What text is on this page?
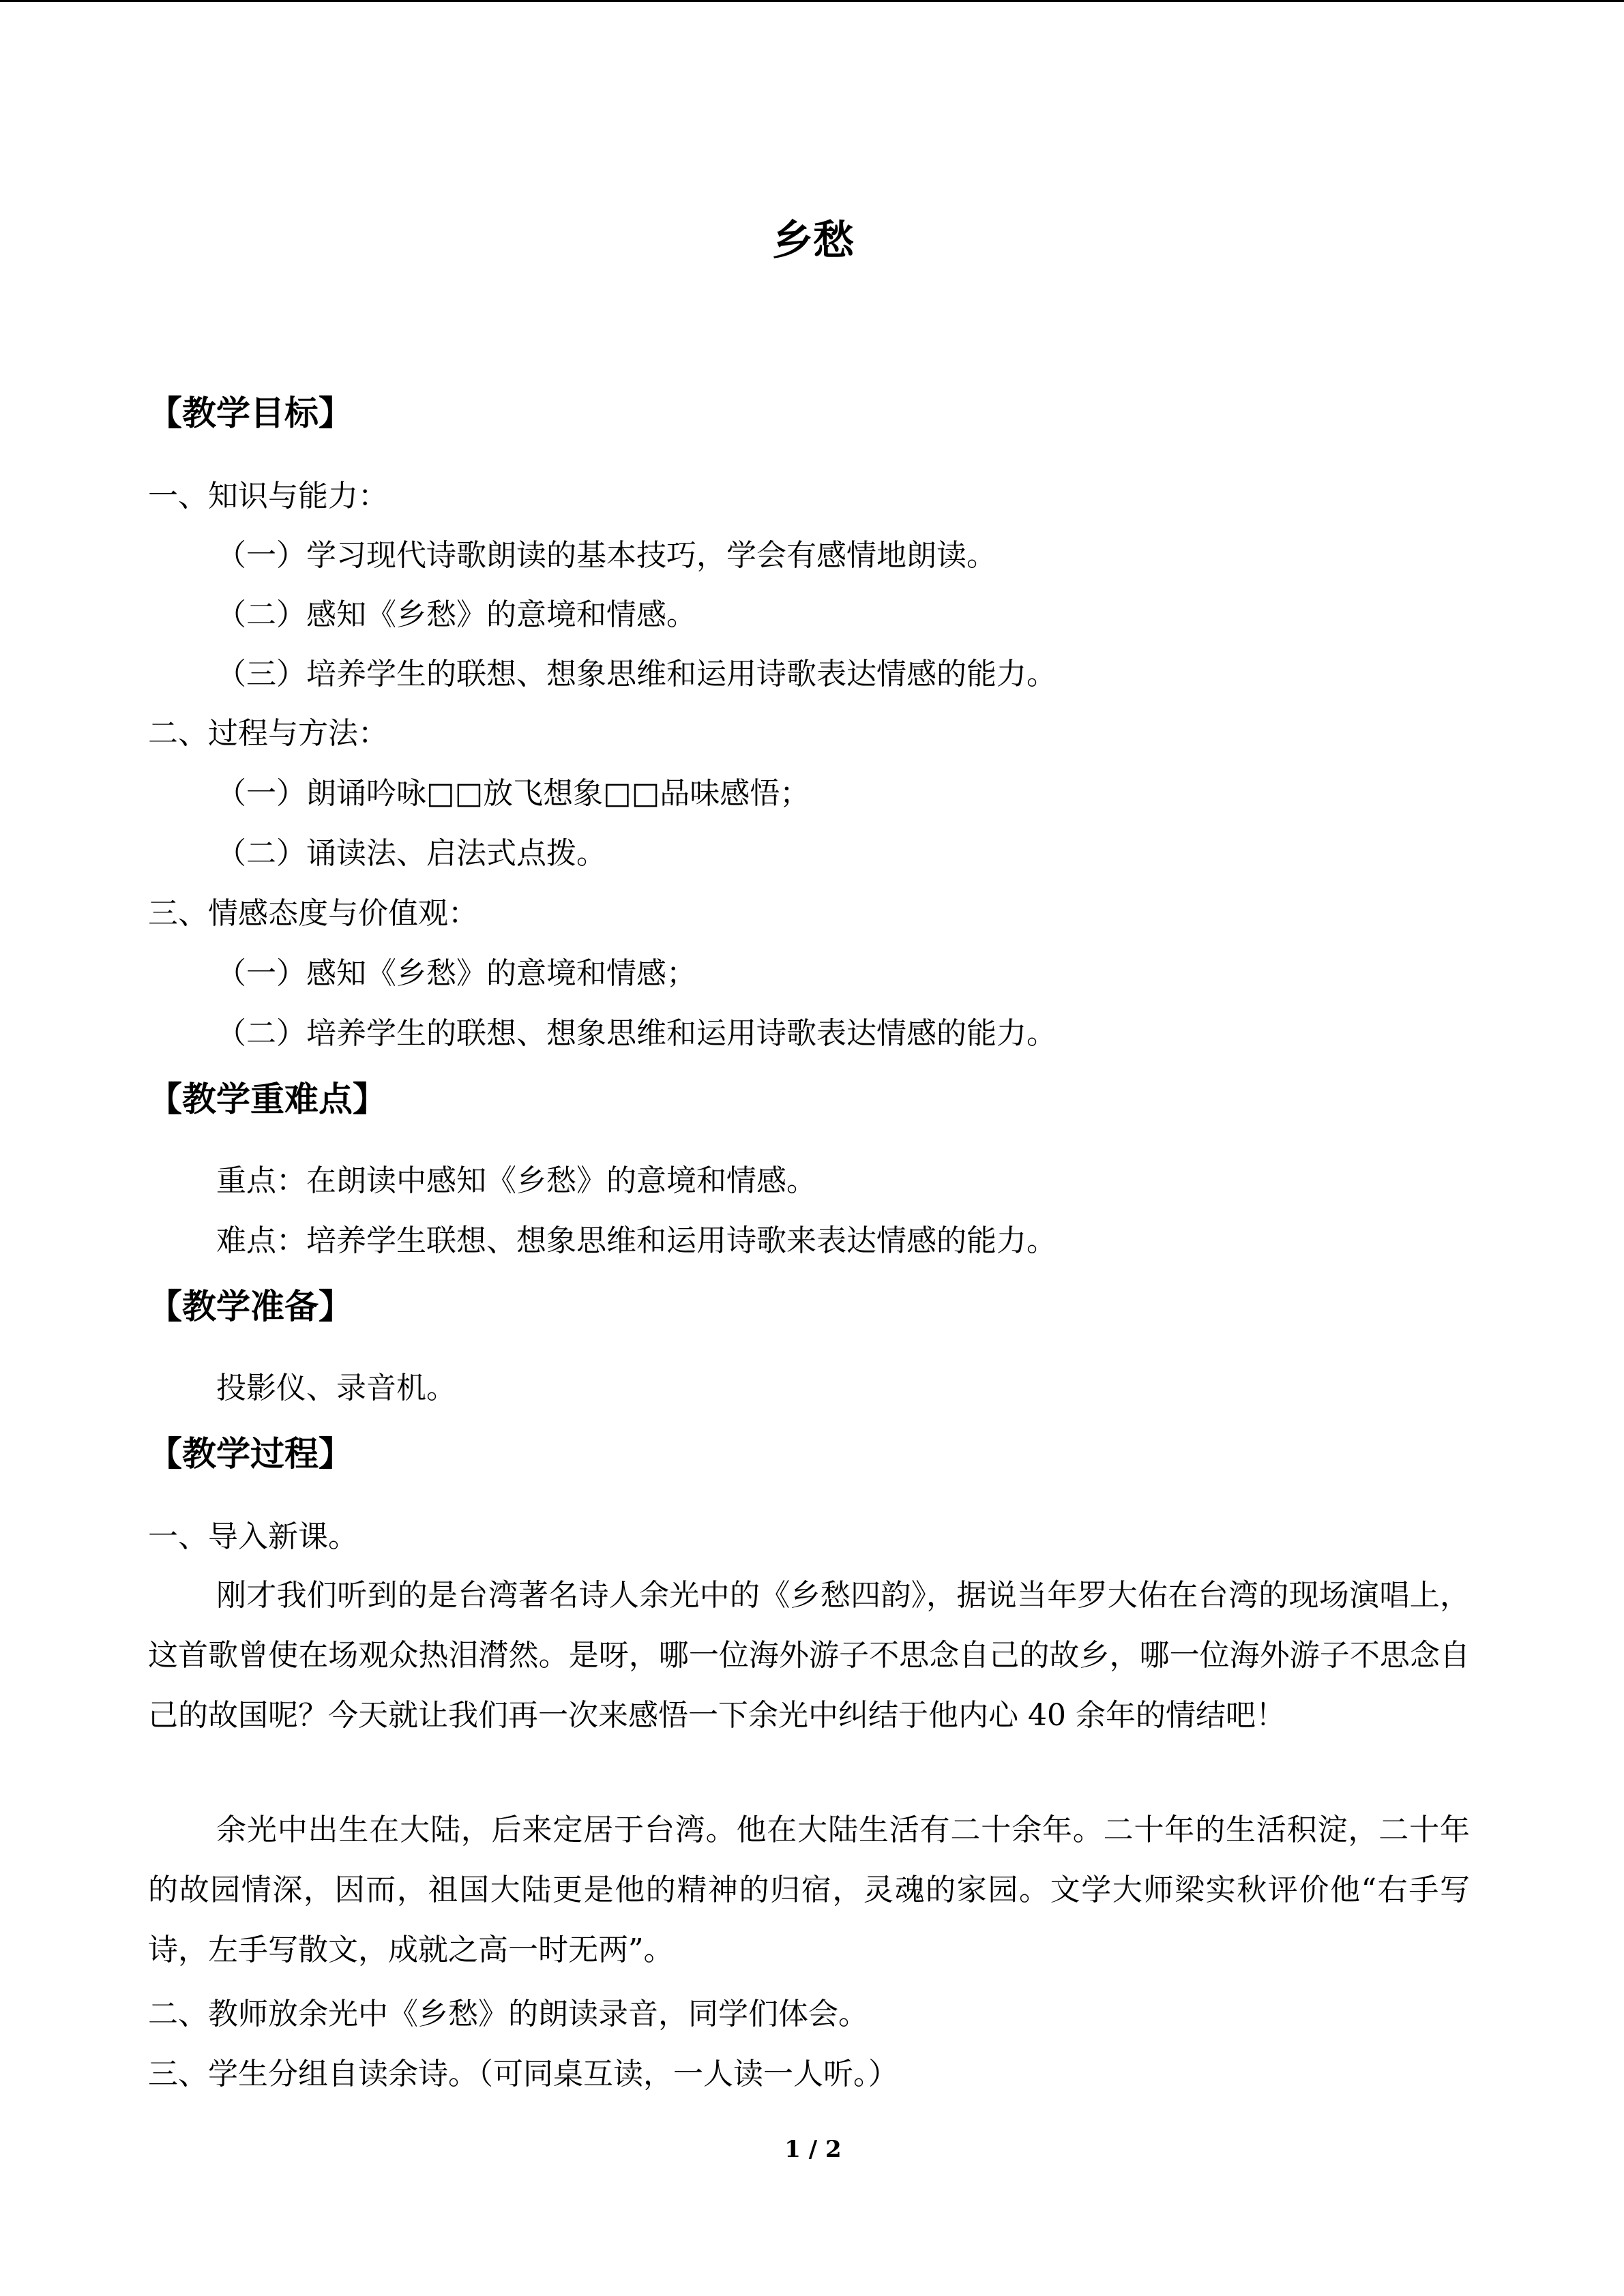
乡愁
【教学目标】
一、知识与能力：
（一）学习现代诗歌朗读的基本技巧，学会有感情地朗读。
（二）感知《乡愁》的意境和情感。
（三）培养学生的联想、想象思维和运用诗歌表达情感的能力。
二、过程与方法：
（一）朗诵吟咏□□放飞想象□□品味感悟；
（二）诵读法、启法式点拨。
三、情感态度与价值观：
（一）感知《乡愁》的意境和情感；
（二）培养学生的联想、想象思维和运用诗歌表达情感的能力。
【教学重难点】
重点：在朗读中感知《乡愁》的意境和情感。
难点：培养学生联想、想象思维和运用诗歌来表达情感的能力。
【教学准备】
投影仪、录音机。
【教学过程】
一、导入新课。

刚才我们听到的是台湾著名诗人余光中的《乡愁四韵》，据说当年罗大佑在台湾的现场演唱上，这首歌曾使在场观众热泪潸然。是呀，哪一位海外游子不思念自己的故乡，哪一位海外游子不思念自己的故国呢？今天就让我们再一次来感悟一下余光中纠结于他内心 40 余年的情结吧！

余光中出生在大陆，后来定居于台湾。他在大陆生活有二十余年。二十年的生活积淀，二十年的故园情深，因而，祖国大陆更是他的精神的归宿，灵魂的家园。文学大师梁实秋评价他“右手写诗，左手写散文，成就之高一时无两”。

二、教师放余光中《乡愁》的朗读录音，同学们体会。
三、学生分组自读余诗。（可同桌互读，一人读一人听。）
1 / 2
